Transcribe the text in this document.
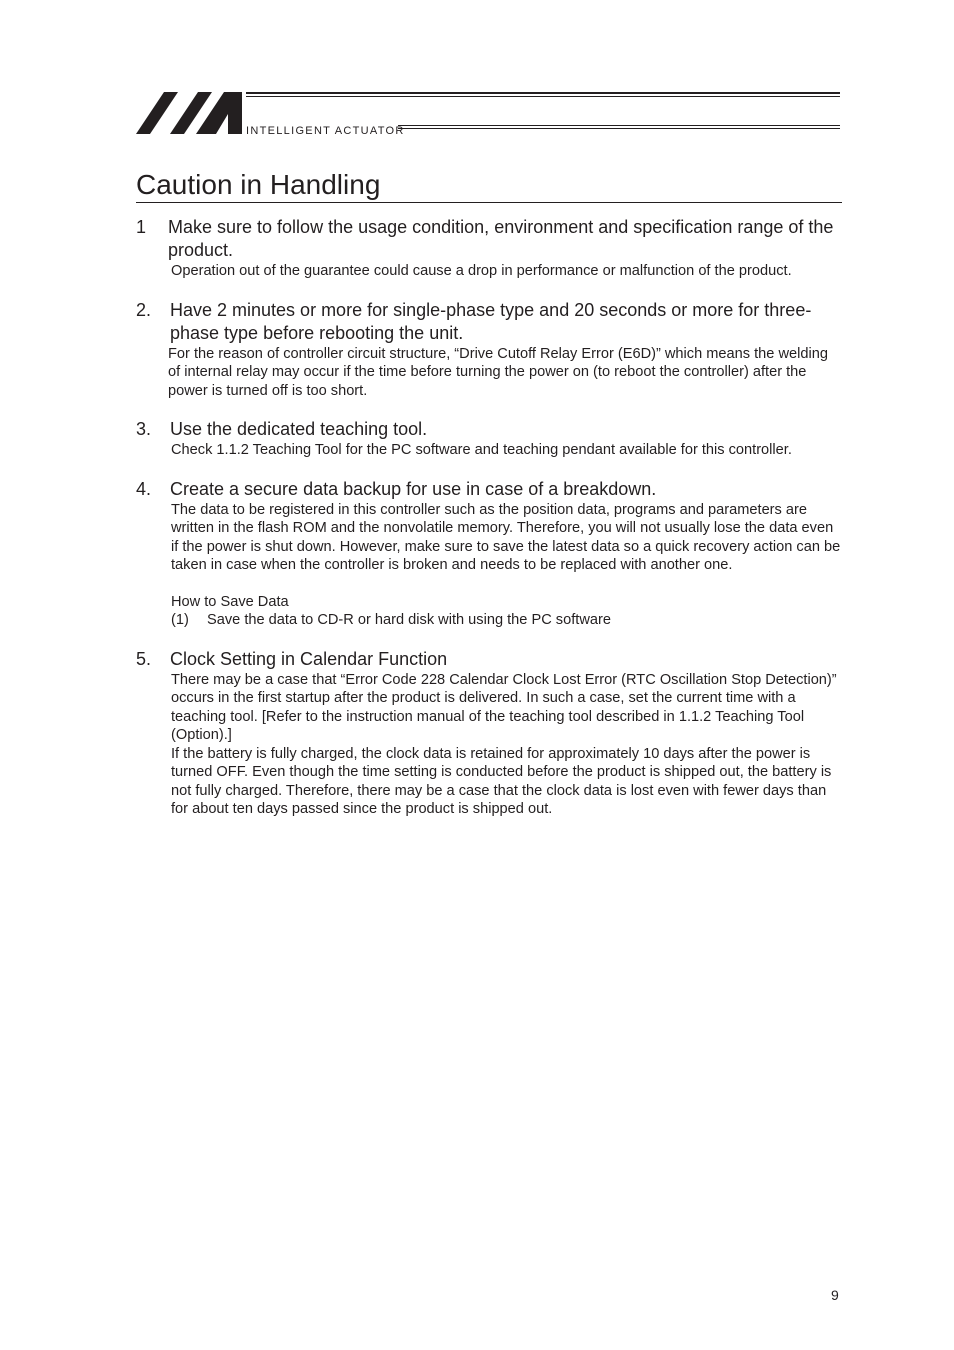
INTELLIGENT ACTUATOR
Caution in Handling
1	Make sure to follow the usage condition, environment and specification range of the product.

Operation out of the guarantee could cause a drop in performance or malfunction of the product.

2.	Have 2 minutes or more for single-phase type and 20 seconds or more for three-phase type before rebooting the unit.

For the reason of controller circuit structure, “Drive Cutoff Relay Error (E6D)” which means the welding of internal relay may occur if the time before turning the power on (to reboot the controller) after the power is turned off is too short.

3.	Use the dedicated teaching tool.

Check 1.1.2 Teaching Tool for the PC software and teaching pendant available for this controller.

4.	Create a secure data backup for use in case of a breakdown.

The data to be registered in this controller such as the position data, programs and parameters are written in the flash ROM and the nonvolatile memory. Therefore, you will not usually lose the data even if the power is shut down. However, make sure to save the latest data so a quick recovery action can be taken in case when the controller is broken and needs to be replaced with another one.

How to Save Data

(1)	Save the data to CD-R or hard disk with using the PC software
5.	Clock Setting in Calendar Function

There may be a case that “Error Code 228 Calendar Clock Lost Error (RTC Oscillation Stop Detection)” occurs in the first startup after the product is delivered. In such a case, set the current time with a teaching tool. [Refer to the instruction manual of the teaching tool described in 1.1.2 Teaching Tool (Option).]

If the battery is fully charged, the clock data is retained for approximately 10 days after the power is turned OFF. Even though the time setting is conducted before the product is shipped out, the battery is not fully charged. Therefore, there may be a case that the clock data is lost even with fewer days than for about ten days passed since the product is shipped out.

9
